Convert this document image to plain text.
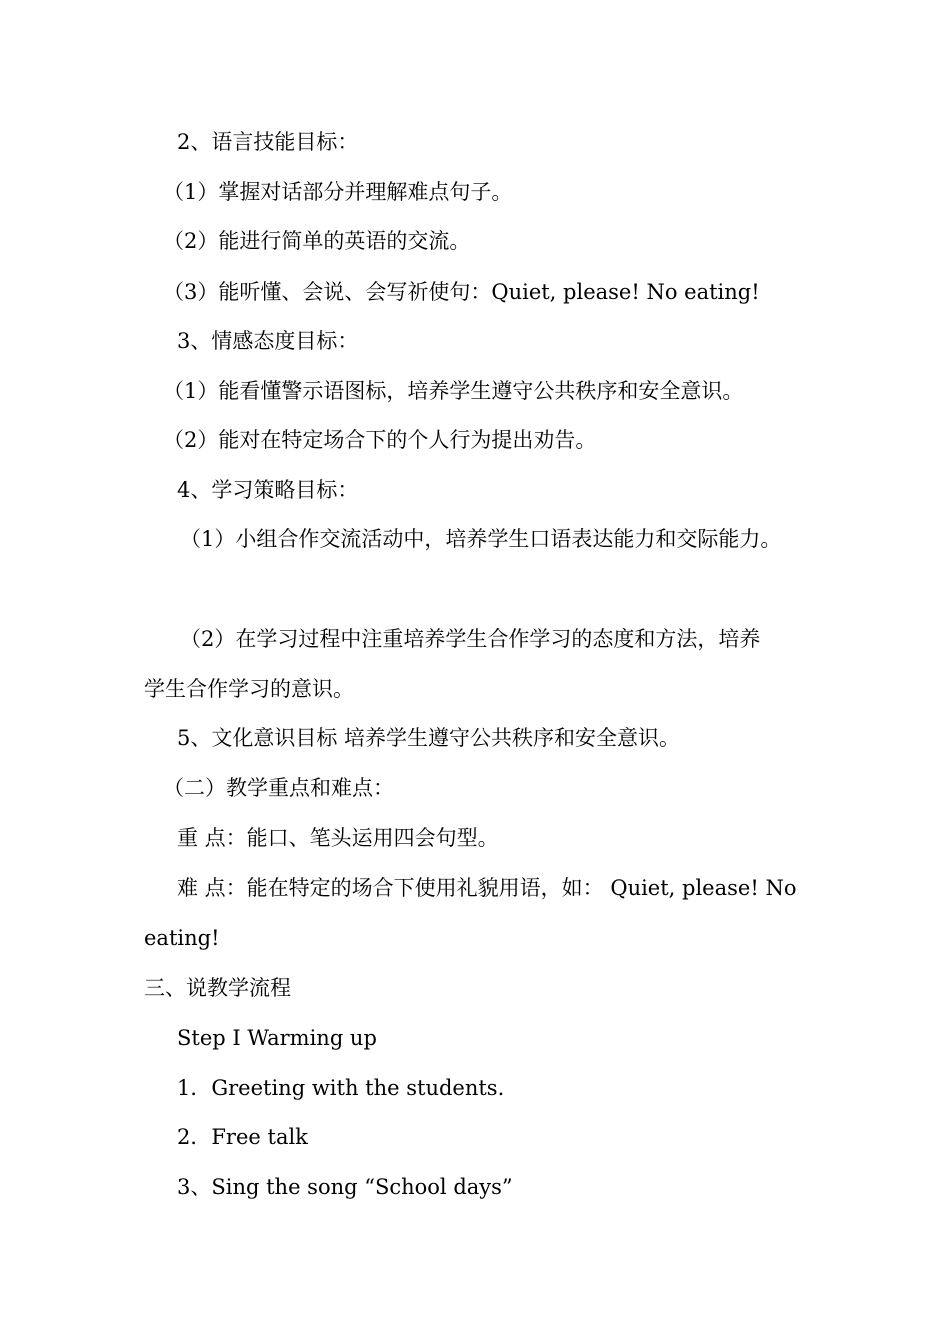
2、语言技能目标：
（1）掌握对话部分并理解难点句子。
（2）能进行简单的英语的交流。
（3）能听懂、会说、会写祈使句：Quiet, please! No eating!
3、情感态度目标：
（1）能看懂警示语图标，培养学生遵守公共秩序和安全意识。
（2）能对在特定场合下的个人行为提出劝告。
4、学习策略目标：
（1）小组合作交流活动中，培养学生口语表达能力和交际能力。
（2）在学习过程中注重培养学生合作学习的态度和方法，培养
学生合作学习的意识。
5、文化意识目标 培养学生遵守公共秩序和安全意识。
（二）教学重点和难点：
重 点：能口、笔头运用四会句型。
难 点：能在特定的场合下使用礼貌用语，如： Quiet, please! No
eating!
三、说教学流程
Step I Warming up
1．Greeting with the students.
2．Free talk
3、Sing the song “School days”
